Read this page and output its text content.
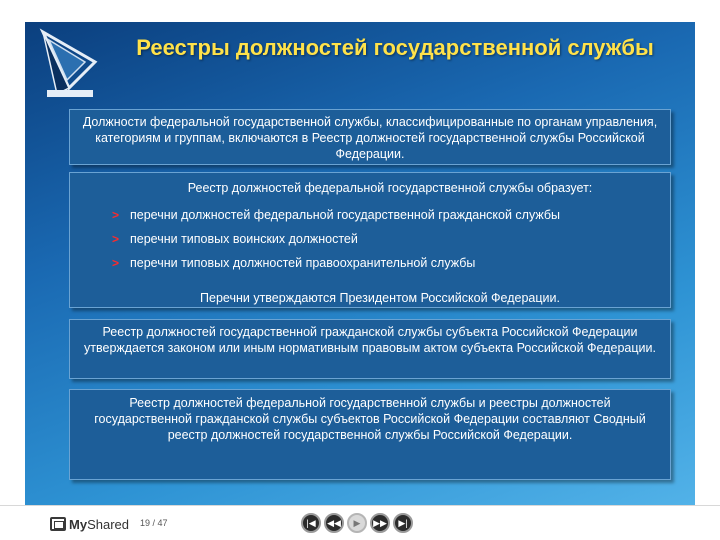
Реестры должностей государственной службы
Должности федеральной государственной службы, классифицированные по органам управления, категориям и группам, включаются в Реестр должностей государственной службы Российской Федерации.
Реестр должностей федеральной государственной службы образует:
> перечни должностей федеральной государственной гражданской службы
> перечни типовых воинских должностей
> перечни типовых должностей правоохранительной службы
Перечни утверждаются Президентом Российской Федерации.
Реестр должностей государственной гражданской службы субъекта Российской Федерации утверждается законом или иным нормативным правовым актом субъекта Российской Федерации.
Реестр должностей федеральной государственной службы и реестры должностей государственной гражданской службы субъектов Российской Федерации составляют Сводный реестр должностей государственной службы Российской Федерации.
MyShared 19 / 47	|◀	◀◀	▶	▶▶	▶|
